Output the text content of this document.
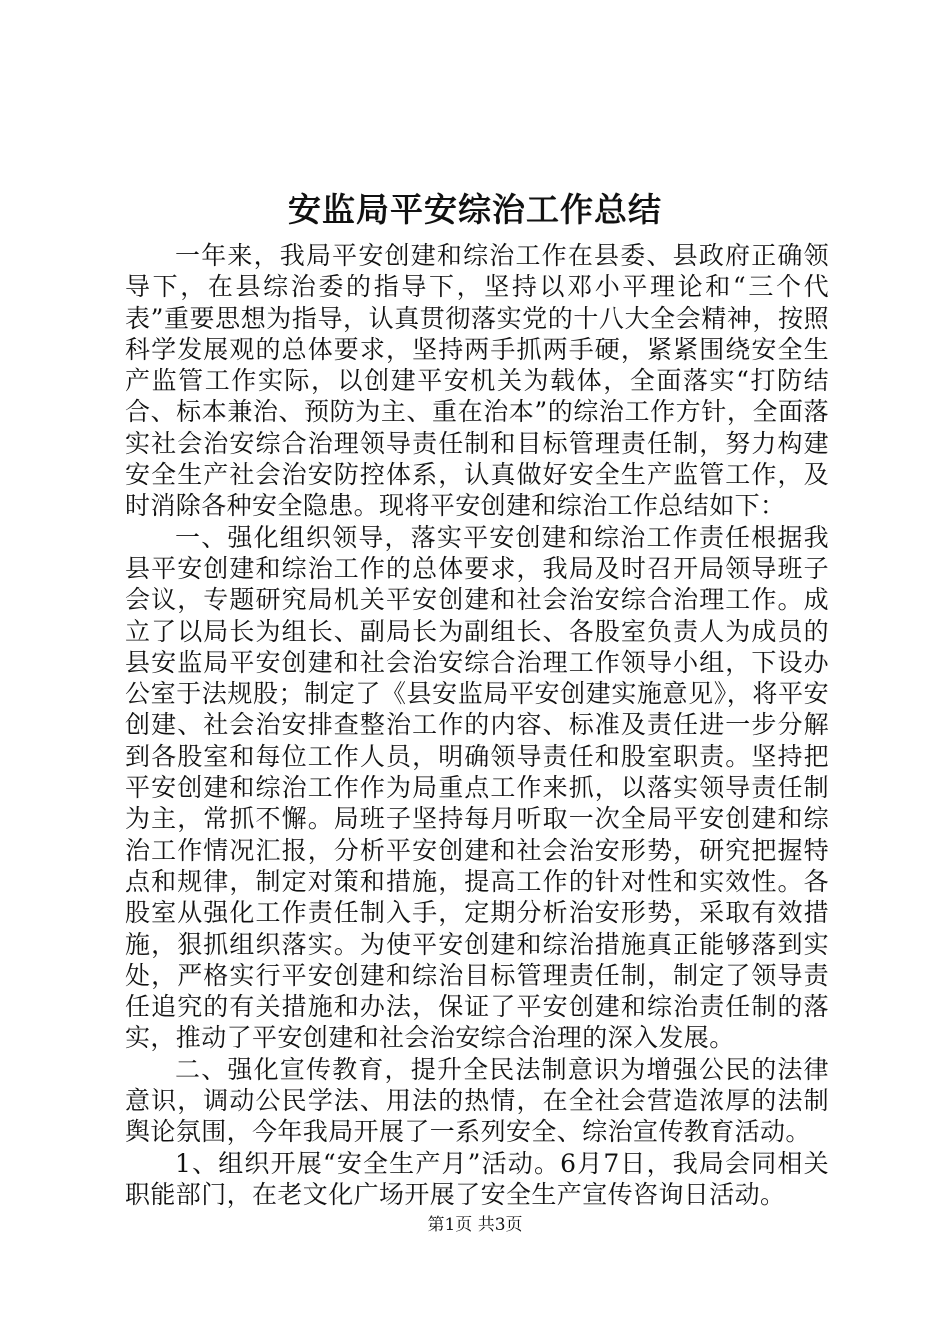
安监局平安综治工作总结

一年来，我局平安创建和综治工作在县委、县政府正确领导下，在县综治委的指导下，坚持以邓小平理论和“三个代表”重要思想为指导，认真贯彻落实党的十八大全会精神，按照科学发展观的总体要求，坚持两手抓两手硬，紧紧围绕安全生产监管工作实际，以创建平安机关为载体，全面落实“打防结合、标本兼治、预防为主、重在治本”的综治工作方针，全面落实社会治安综合治理领导责任制和目标管理责任制，努力构建安全生产社会治安防控体系，认真做好安全生产监管工作，及时消除各种安全隐患。现将平安创建和综治工作总结如下：

一、强化组织领导，落实平安创建和综治工作责任根据我县平安创建和综治工作的总体要求，我局及时召开局领导班子会议，专题研究局机关平安创建和社会治安综合治理工作。成立了以局长为组长、副局长为副组长、各股室负责人为成员的县安监局平安创建和社会治安综合治理工作领导小组，下设办公室于法规股；制定了《县安监局平安创建实施意见》，将平安创建、社会治安排查整治工作的内容、标准及责任进一步分解到各股室和每位工作人员，明确领导责任和股室职责。坚持把平安创建和综治工作作为局重点工作来抓，以落实领导责任制为主，常抓不懈。局班子坚持每月听取一次全局平安创建和综治工作情况汇报，分析平安创建和社会治安形势，研究把握特点和规律，制定对策和措施，提高工作的针对性和实效性。各股室从强化工作责任制入手，定期分析治安形势，采取有效措施，狠抓组织落实。为使平安创建和综治措施真正能够落到实处，严格实行平安创建和综治目标管理责任制，制定了领导责任追究的有关措施和办法，保证了平安创建和综治责任制的落实，推动了平安创建和社会治安综合治理的深入发展。

二、强化宣传教育，提升全民法制意识为增强公民的法律意识，调动公民学法、用法的热情，在全社会营造浓厚的法制舆论氛围，今年我局开展了一系列安全、综治宣传教育活动。

1、组织开展“安全生产月”活动。6月7日，我局会同相关职能部门，在老文化广场开展了安全生产宣传咨询日活动。

第1页 共3页
